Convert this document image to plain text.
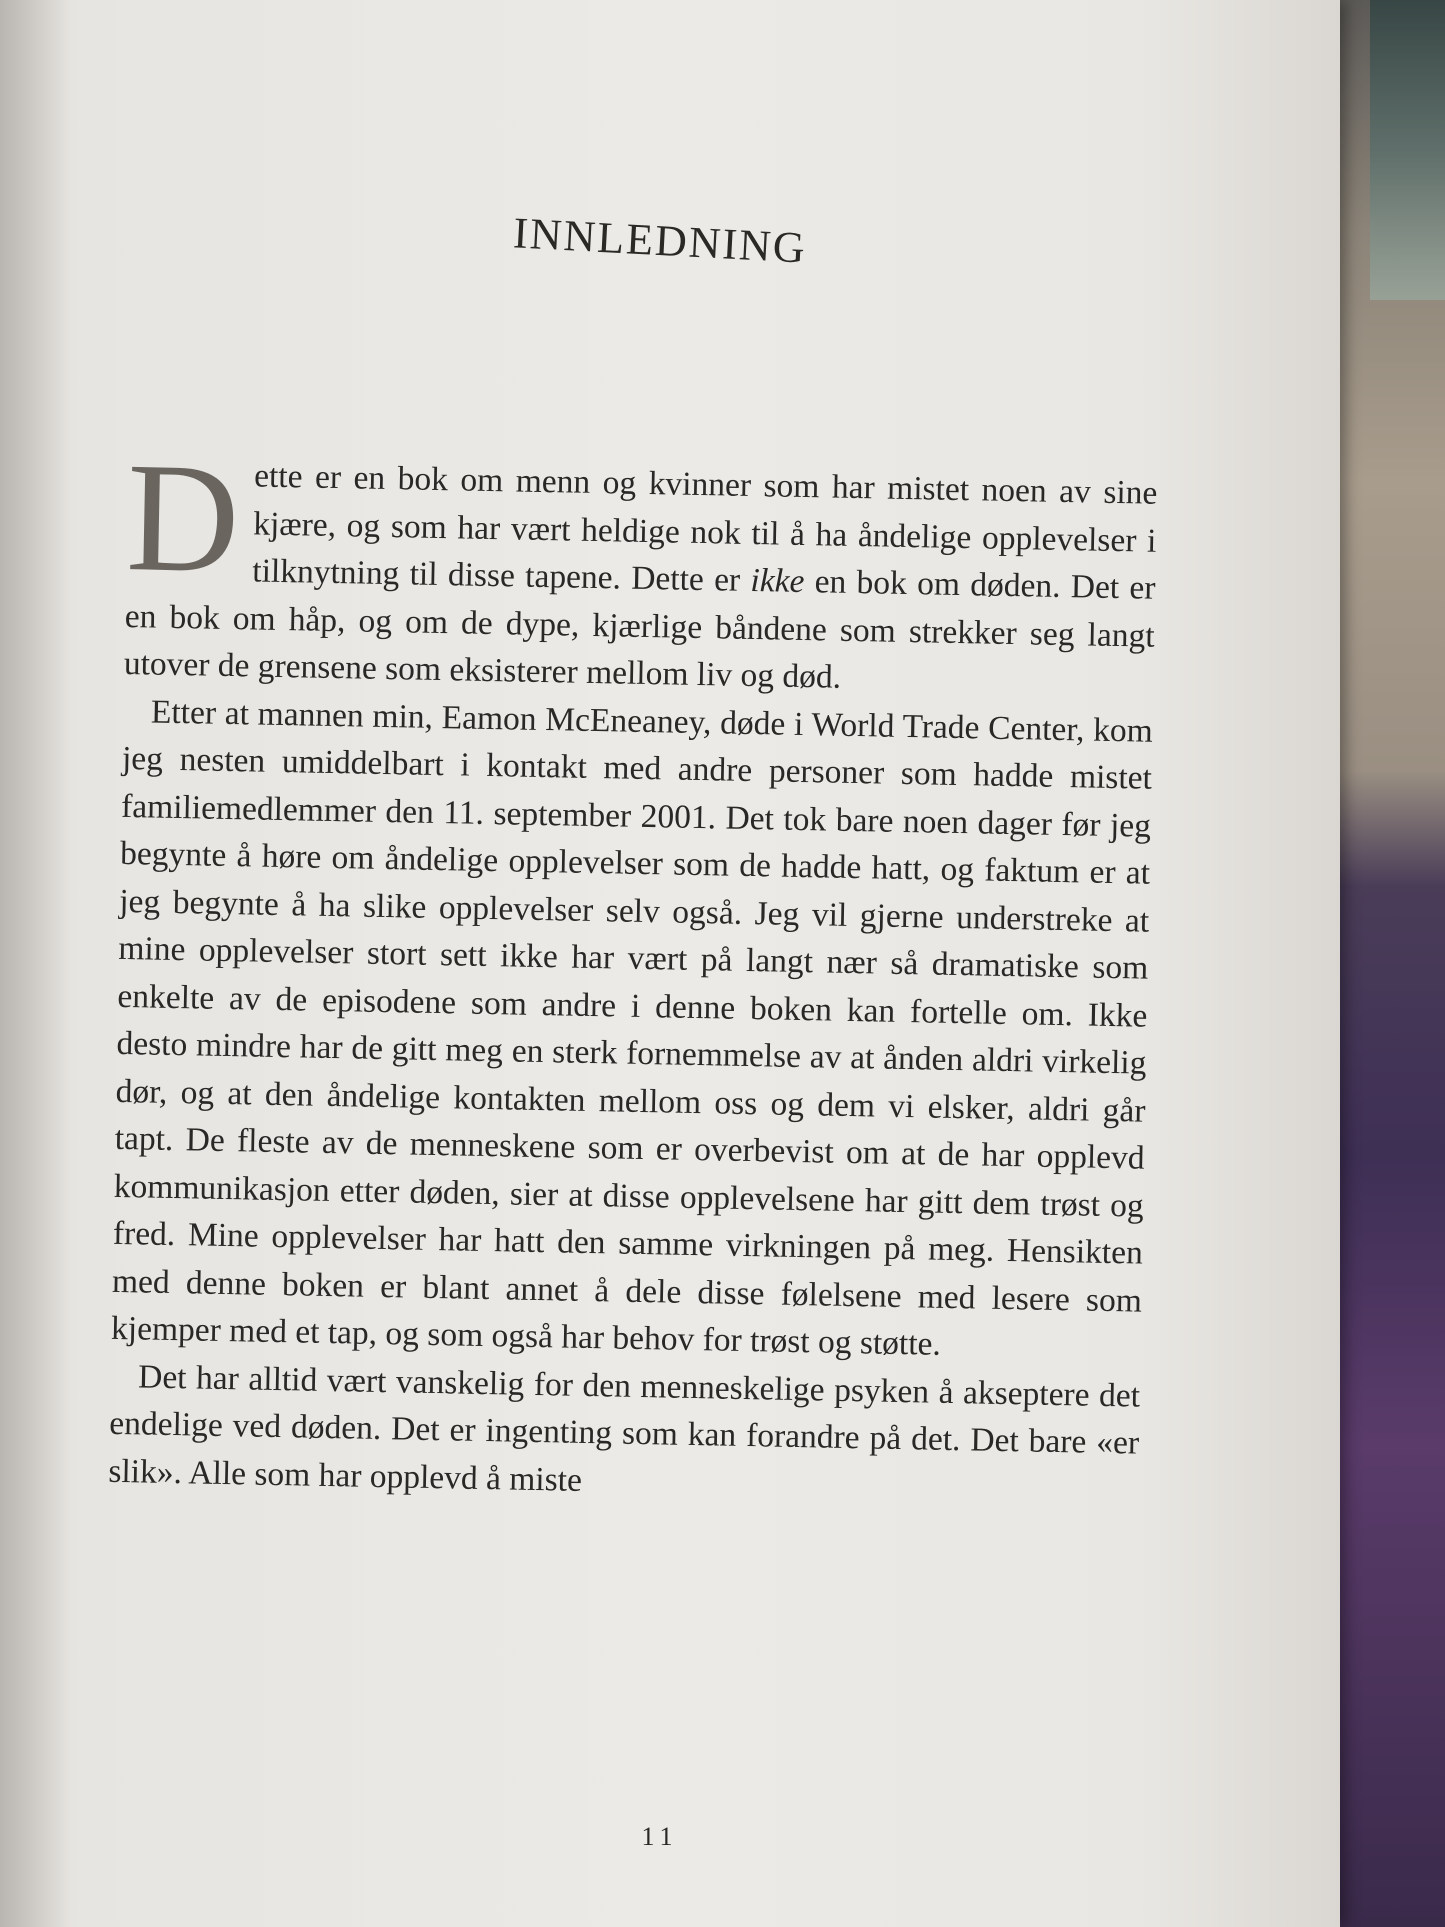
INNLEDNING

Dette er en bok om menn og kvinner som har mistet noen av sine kjære, og som har vært heldige nok til å ha åndelige opplevelser i tilknytning til disse tapene. Dette er ikke en bok om døden. Det er en bok om håp, og om de dype, kjærlige båndene som strekker seg langt utover de grensene som eksisterer mellom liv og død.

Etter at mannen min, Eamon McEneaney, døde i World Trade Center, kom jeg nesten umiddelbart i kontakt med andre personer som hadde mistet familiemedlemmer den 11. september 2001. Det tok bare noen dager før jeg begynte å høre om åndelige opplevelser som de hadde hatt, og faktum er at jeg begynte å ha slike opplevelser selv også. Jeg vil gjerne understreke at mine opplevelser stort sett ikke har vært på langt nær så dramatiske som enkelte av de episodene som andre i denne boken kan fortelle om. Ikke desto mindre har de gitt meg en sterk fornemmelse av at ånden aldri virkelig dør, og at den åndelige kontakten mellom oss og dem vi elsker, aldri går tapt. De fleste av de menneskene som er overbevist om at de har opplevd kommunikasjon etter døden, sier at disse opplevelsene har gitt dem trøst og fred. Mine opplevelser har hatt den samme virkningen på meg. Hensikten med denne boken er blant annet å dele disse følelsene med lesere som kjemper med et tap, og som også har behov for trøst og støtte.

Det har alltid vært vanskelig for den menneskelige psyken å akseptere det endelige ved døden. Det er ingenting som kan forandre på det. Det bare «er slik». Alle som har opplevd å miste

11
